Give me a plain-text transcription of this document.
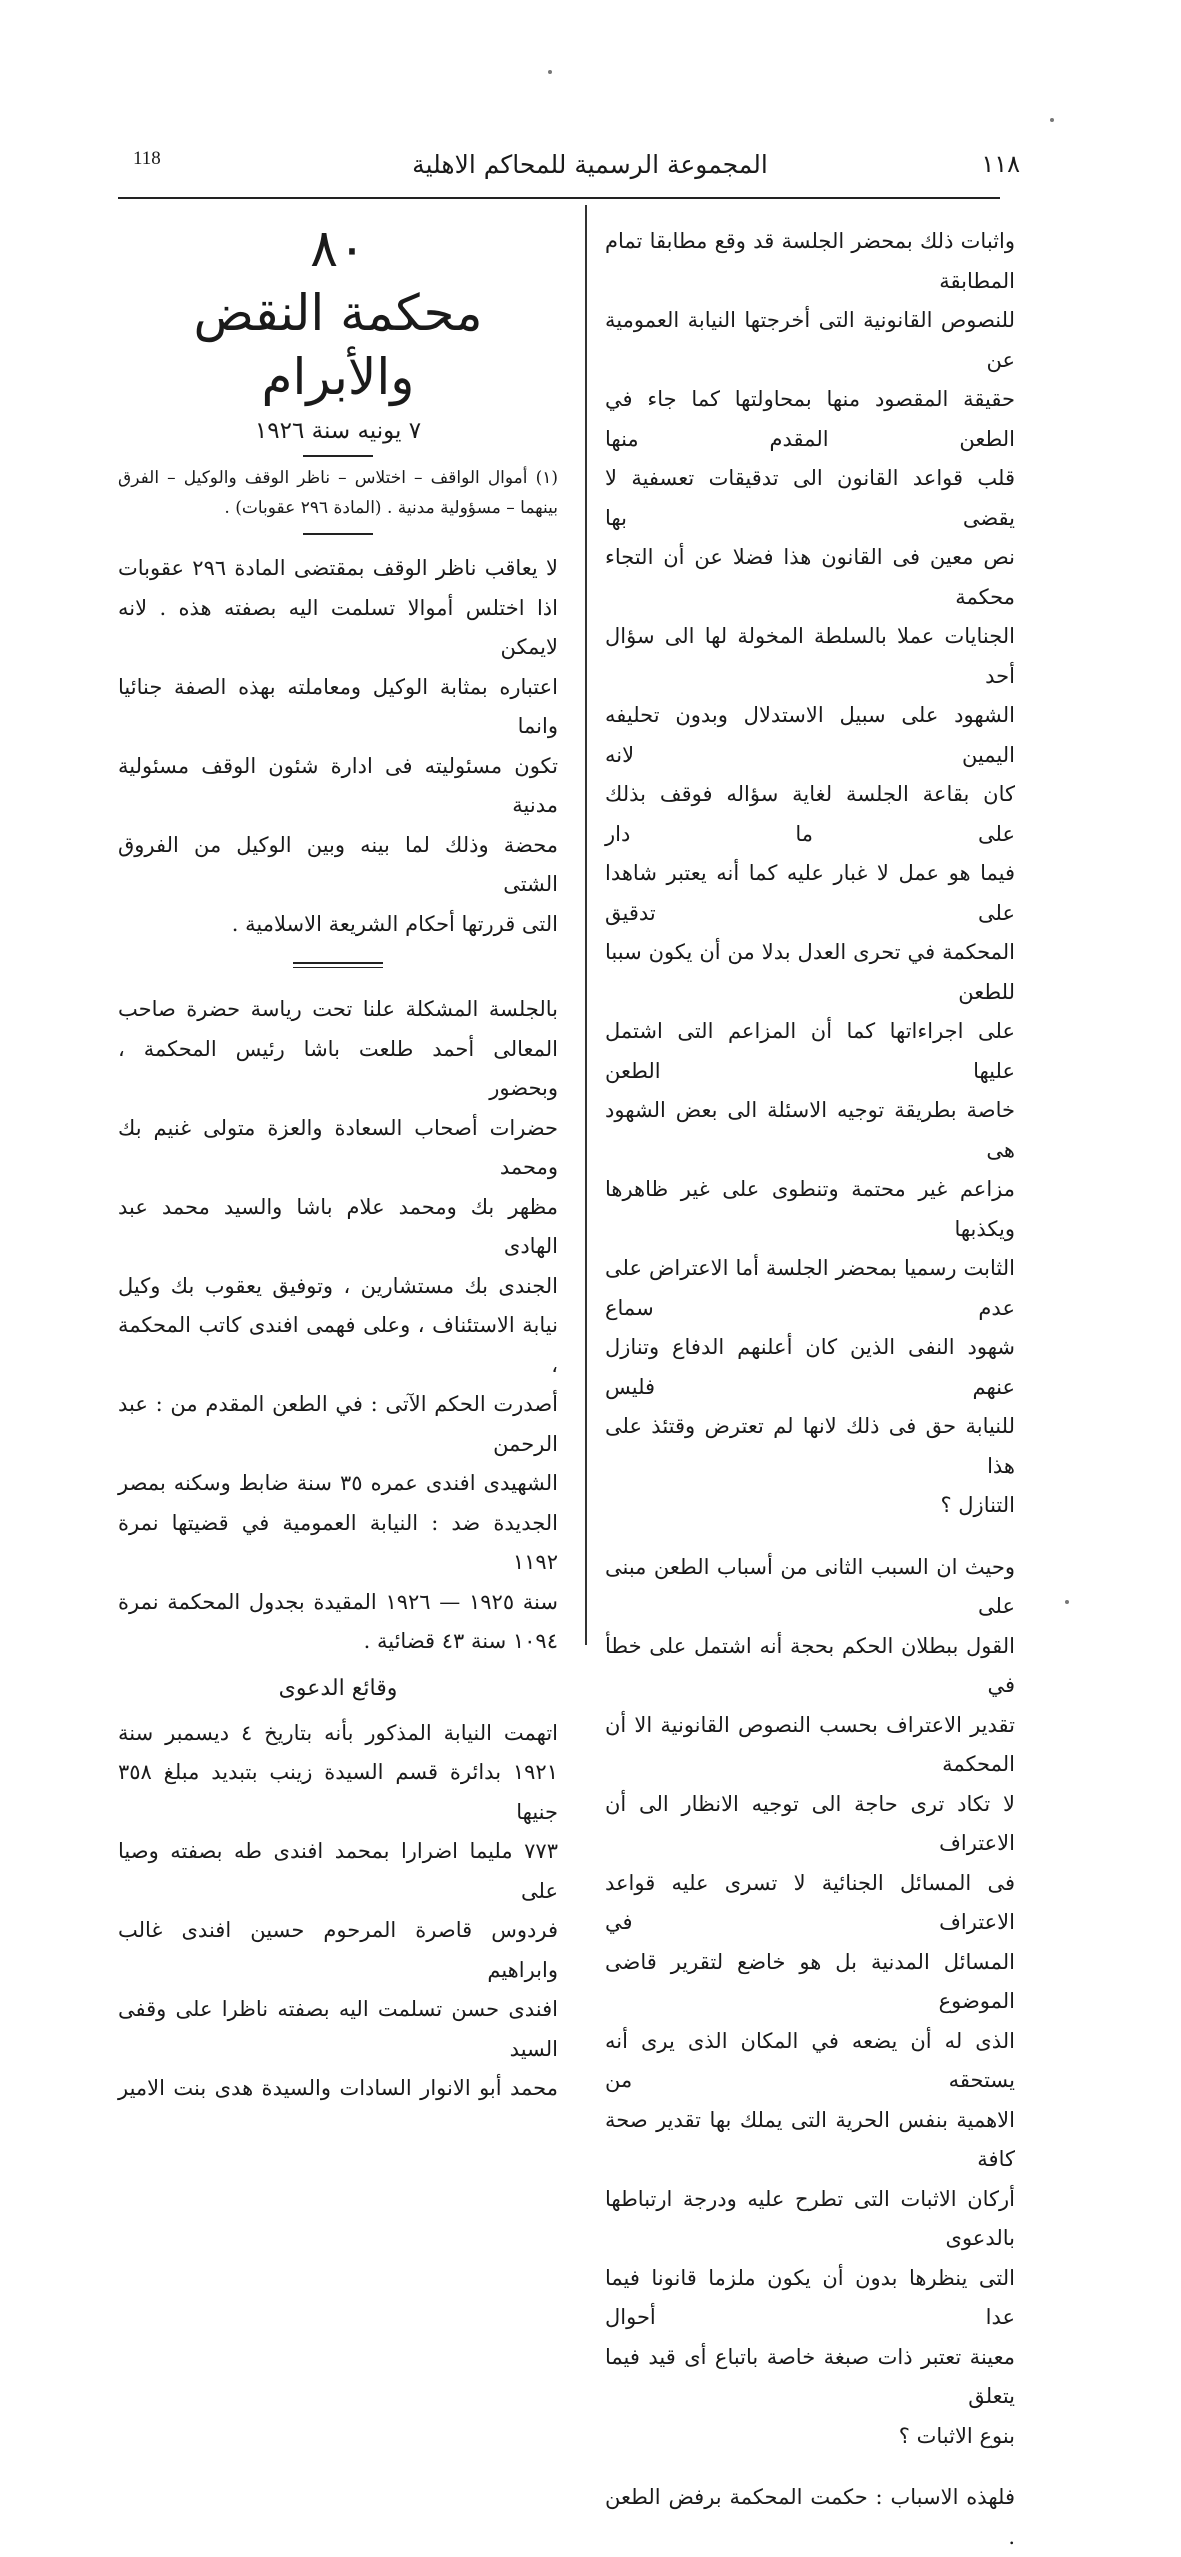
118	المجموعة الرسمية للمحاكم الاهلية	١١٨

واثبات ذلك بمحضر الجلسة قد وقع مطابقا تمام المطابقة

للنصوص القانونية التى أخرجتها النيابة العمومية عن

حقيقة المقصود منها بمحاولتها كما جاء في الطعن المقدم منها

قلب قواعد القانون الى تدقيقات تعسفية لا يقضى بها

نص معين فى القانون هذا فضلا عن أن التجاء محكمة

الجنايات عملا بالسلطة المخولة لها الى سؤال أحد

الشهود على سبيل الاستدلال وبدون تحليفه اليمين لانه

كان بقاعة الجلسة لغاية سؤاله فوقف بذلك على ما دار

فيما هو عمل لا غبار عليه كما أنه يعتبر شاهدا على تدقيق

المحكمة في تحرى العدل بدلا من أن يكون سببا للطعن

على اجراءاتها كما أن المزاعم التى اشتمل عليها الطعن

خاصة بطريقة توجيه الاسئلة الى بعض الشهود هى

مزاعم غير محتمة وتنطوى على غير ظاهرها ويكذبها

الثابت رسميا بمحضر الجلسة أما الاعتراض على عدم سماع

شهود النفى الذين كان أعلنهم الدفاع وتنازل عنهم فليس

للنيابة حق فى ذلك لانها لم تعترض وقتئذ على هذا

التنازل ؟

وحيث ان السبب الثانى من أسباب الطعن مبنى على

القول ببطلان الحكم بحجة أنه اشتمل على خطأ في

تقدير الاعتراف بحسب النصوص القانونية الا أن المحكمة

لا تكاد ترى حاجة الى توجيه الانظار الى أن الاعتراف

فى المسائل الجنائية لا تسرى عليه قواعد الاعتراف في

المسائل المدنية بل هو خاضع لتقرير قاضى الموضوع

الذى له أن يضعه في المكان الذى يرى أنه يستحقه من

الاهمية بنفس الحرية التى يملك بها تقدير صحة كافة

أركان الاثبات التى تطرح عليه ودرجة ارتباطها بالدعوى

التى ينظرها بدون أن يكون ملزما قانونا فيما عدا أحوال

معينة تعتبر ذات صبغة خاصة باتباع أى قيد فيما يتعلق

بنوع الاثبات ؟

فلهذه الاسباب : حكمت المحكمة برفض الطعن .

٨٠
محكمة النقض والأبرام
٧ يونيه سنة ١٩٢٦

(١) أموال الواقف – اختلاس – ناظر الوقف والوكيل – الفرق

بينهما – مسؤولية مدنية . (المادة ٢٩٦ عقوبات) .

لا يعاقب ناظر الوقف بمقتضى المادة ٢٩٦ عقوبات

اذا اختلس أموالا تسلمت اليه بصفته هذه . لانه لايمكن

اعتباره بمثابة الوكيل ومعاملته بهذه الصفة جنائيا وانما

تكون مسئوليته فى ادارة شئون الوقف مسئولية مدنية

محضة وذلك لما بينه وبين الوكيل من الفروق الشتى

التى قررتها أحكام الشريعة الاسلامية .

بالجلسة المشكلة علنا تحت رياسة حضرة صاحب

المعالى أحمد طلعت باشا رئيس المحكمة ، وبحضور

حضرات أصحاب السعادة والعزة متولى غنيم بك ومحمد

مظهر بك ومحمد علام باشا والسيد محمد عبد الهادى

الجندى بك مستشارين ، وتوفيق يعقوب بك وكيل

نيابة الاستئناف ، وعلى فهمى افندى كاتب المحكمة ،

أصدرت الحكم الآتى : في الطعن المقدم من : عبد الرحمن

الشهيدى افندى عمره ٣٥ سنة ضابط وسكنه بمصر

الجديدة ضد : النيابة العمومية في قضيتها نمرة ١١٩٢

سنة ١٩٢٥ — ١٩٢٦ المقيدة بجدول المحكمة نمرة

١٠٩٤ سنة ٤٣ قضائية .

وقائع الدعوى

اتهمت النيابة المذكور بأنه بتاريخ ٤ ديسمبر سنة

١٩٢١ بدائرة قسم السيدة زينب بتبديد مبلغ ٣٥٨ جنيها

٧٧٣ مليما اضرارا بمحمد افندى طه بصفته وصيا على

فردوس قاصرة المرحوم حسين افندى غالب وابراهيم

افندى حسن تسلمت اليه بصفته ناظرا على وقفى السيد

محمد أبو الانوار السادات والسيدة هدى بنت الامير
